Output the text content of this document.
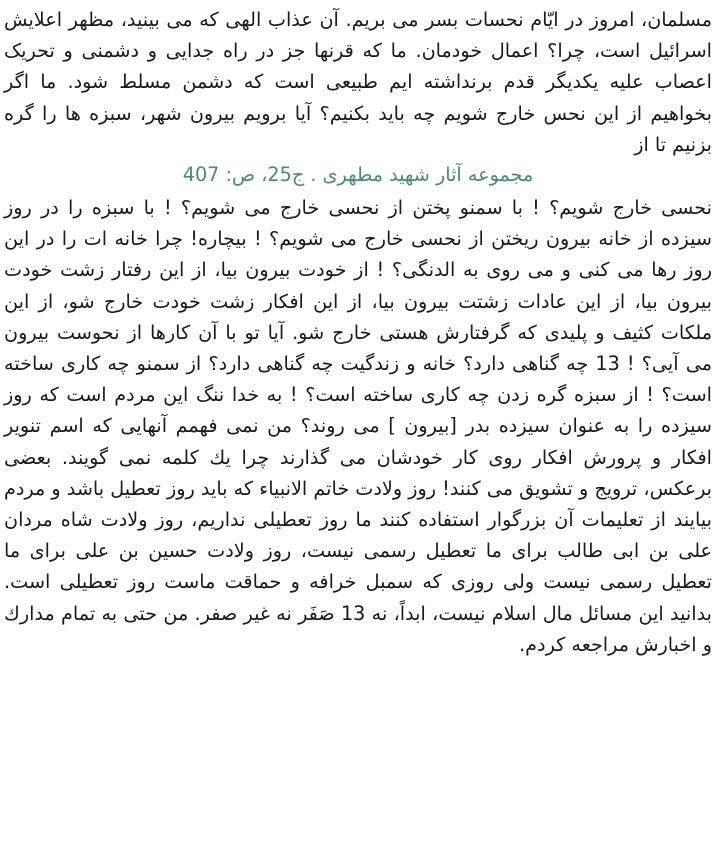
مسلمان، امروز در ایّام نحسات بسر می بریم. آن عذاب الهی که می بینید، مظهر اعلایش اسرائیل است، چرا؟ اعمال خودمان. ما که قرنها جز در راه جدایی و دشمنی و تحریک اعصاب علیه یکدیگر قدم برنداشته ایم طبیعی است که دشمن مسلط شود. ما اگر بخواهیم از این نحس خارج شویم چه باید بکنیم؟ آیا برویم بیرون شهر، سبزه ها را گره بزنیم تا از

مجموعه آثار شهید مطهری . ج25، ص: 407

نحسی خارج شویم؟ ! با سمنو پختن از نحسی خارج می شویم؟ ! با سبزه را در روز سیزده از خانه بیرون ریختن از نحسی خارج می شویم؟ ! بیچاره! چرا خانه ات را در این روز رها می کنی و می روی به الدنگی؟ ! از خودت بیرون بیا، از این رفتار زشت خودت بیرون بیا، از این عادات زشتت بیرون بیا، از این افکار زشت خودت خارج شو، از این ملکات کثیف و پلیدی که گرفتارش هستی خارج شو. آیا تو با آن کارها از نحوست بیرون می آیی؟ ! 13 چه گناهی دارد؟ خانه و زندگیت چه گناهی دارد؟ از سمنو چه کاری ساخته است؟ ! از سبزه گره زدن چه کاری ساخته است؟ ! به خدا ننگ این مردم است که روز سیزده را به عنوان سیزده بدر [بیرون ] می روند؟ من نمی فهمم آنهایی که اسم تنویر افکار و پرورش افکار روی کار خودشان می گذارند چرا یك كلمه نمی گویند. بعضی برعکس، ترویج و تشویق می کنند! روز ولادت خاتم الانبیاء که باید روز تعطیل باشد و مردم بیایند از تعلیمات آن بزرگوار استفاده کنند ما روز تعطیلی نداریم، روز ولادت شاه مردان علی بن ابی طالب برای ما تعطیل رسمی نیست، روز ولادت حسین بن علی برای ما تعطیل رسمی نیست ولی روزی که سمبل خرافه و حماقت ماست روز تعطیلی است. بدانید این مسائل مال اسلام نیست، ابداً، نه 13 صَفَر نه غیر صفر. من حتی به تمام مدارك و اخبارش مراجعه کردم.
